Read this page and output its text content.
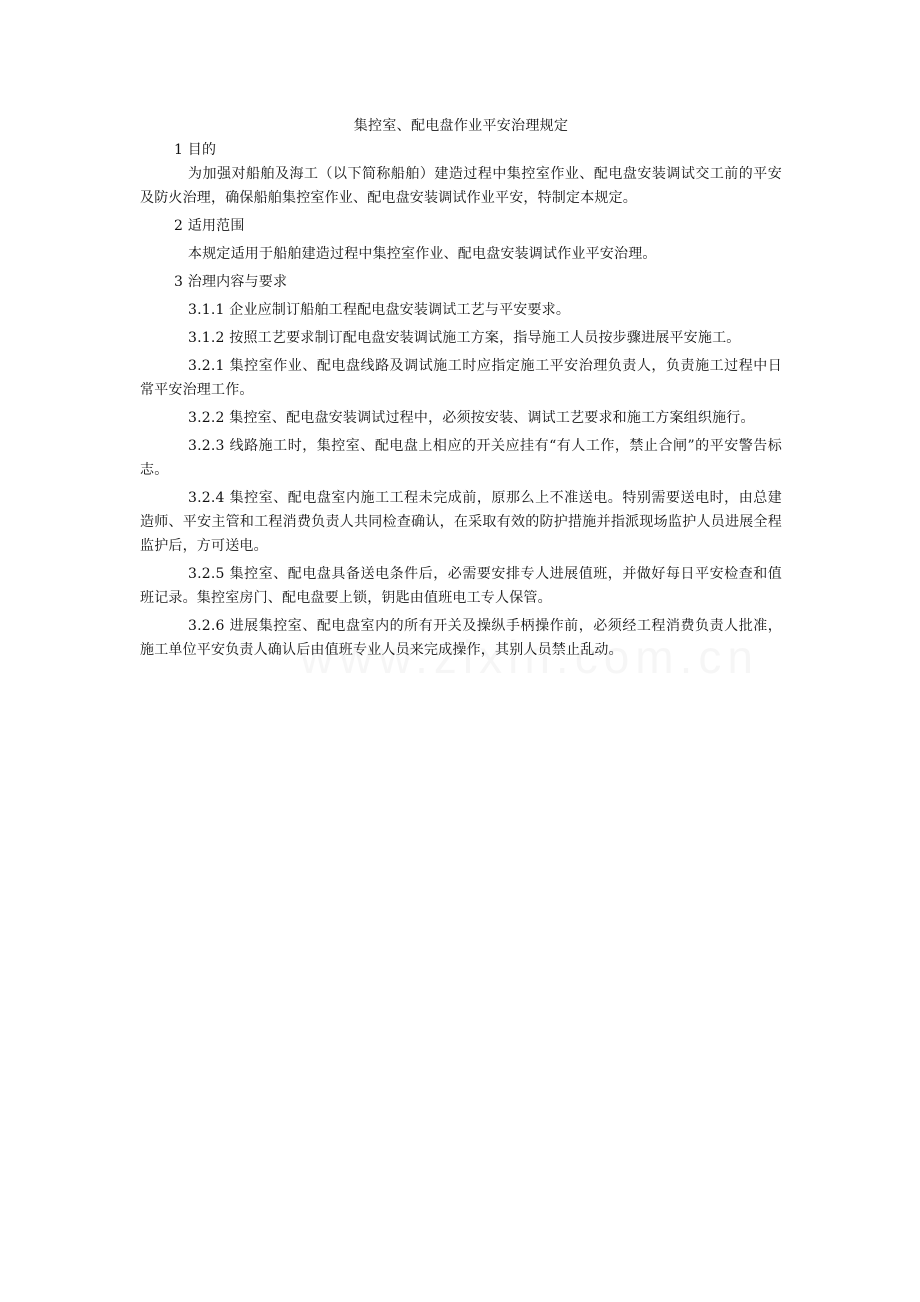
集控室、配电盘作业平安治理规定

1 目的

为加强对船舶及海工（以下简称船舶）建造过程中集控室作业、配电盘安装调试交工前的平安及防火治理，确保船舶集控室作业、配电盘安装调试作业平安，特制定本规定。

2 适用范围

本规定适用于船舶建造过程中集控室作业、配电盘安装调试作业平安治理。

3 治理内容与要求

3.1.1 企业应制订船舶工程配电盘安装调试工艺与平安要求。

3.1.2 按照工艺要求制订配电盘安装调试施工方案，指导施工人员按步骤进展平安施工。

3.2.1 集控室作业、配电盘线路及调试施工时应指定施工平安治理负责人，负责施工过程中日常平安治理工作。

3.2.2 集控室、配电盘安装调试过程中，必须按安装、调试工艺要求和施工方案组织施行。

3.2.3 线路施工时，集控室、配电盘上相应的开关应挂有“有人工作，禁止合闸”的平安警告标志。

3.2.4 集控室、配电盘室内施工工程未完成前，原那么上不准送电。特别需要送电时，由总建造师、平安主管和工程消费负责人共同检查确认，在采取有效的防护措施并指派现场监护人员进展全程监护后，方可送电。

3.2.5 集控室、配电盘具备送电条件后，必需要安排专人进展值班，并做好每日平安检查和值班记录。集控室房门、配电盘要上锁，钥匙由值班电工专人保管。

3.2.6 进展集控室、配电盘室内的所有开关及操纵手柄操作前，必须经工程消费负责人批准，施工单位平安负责人确认后由值班专业人员来完成操作，其别人员禁止乱动。
